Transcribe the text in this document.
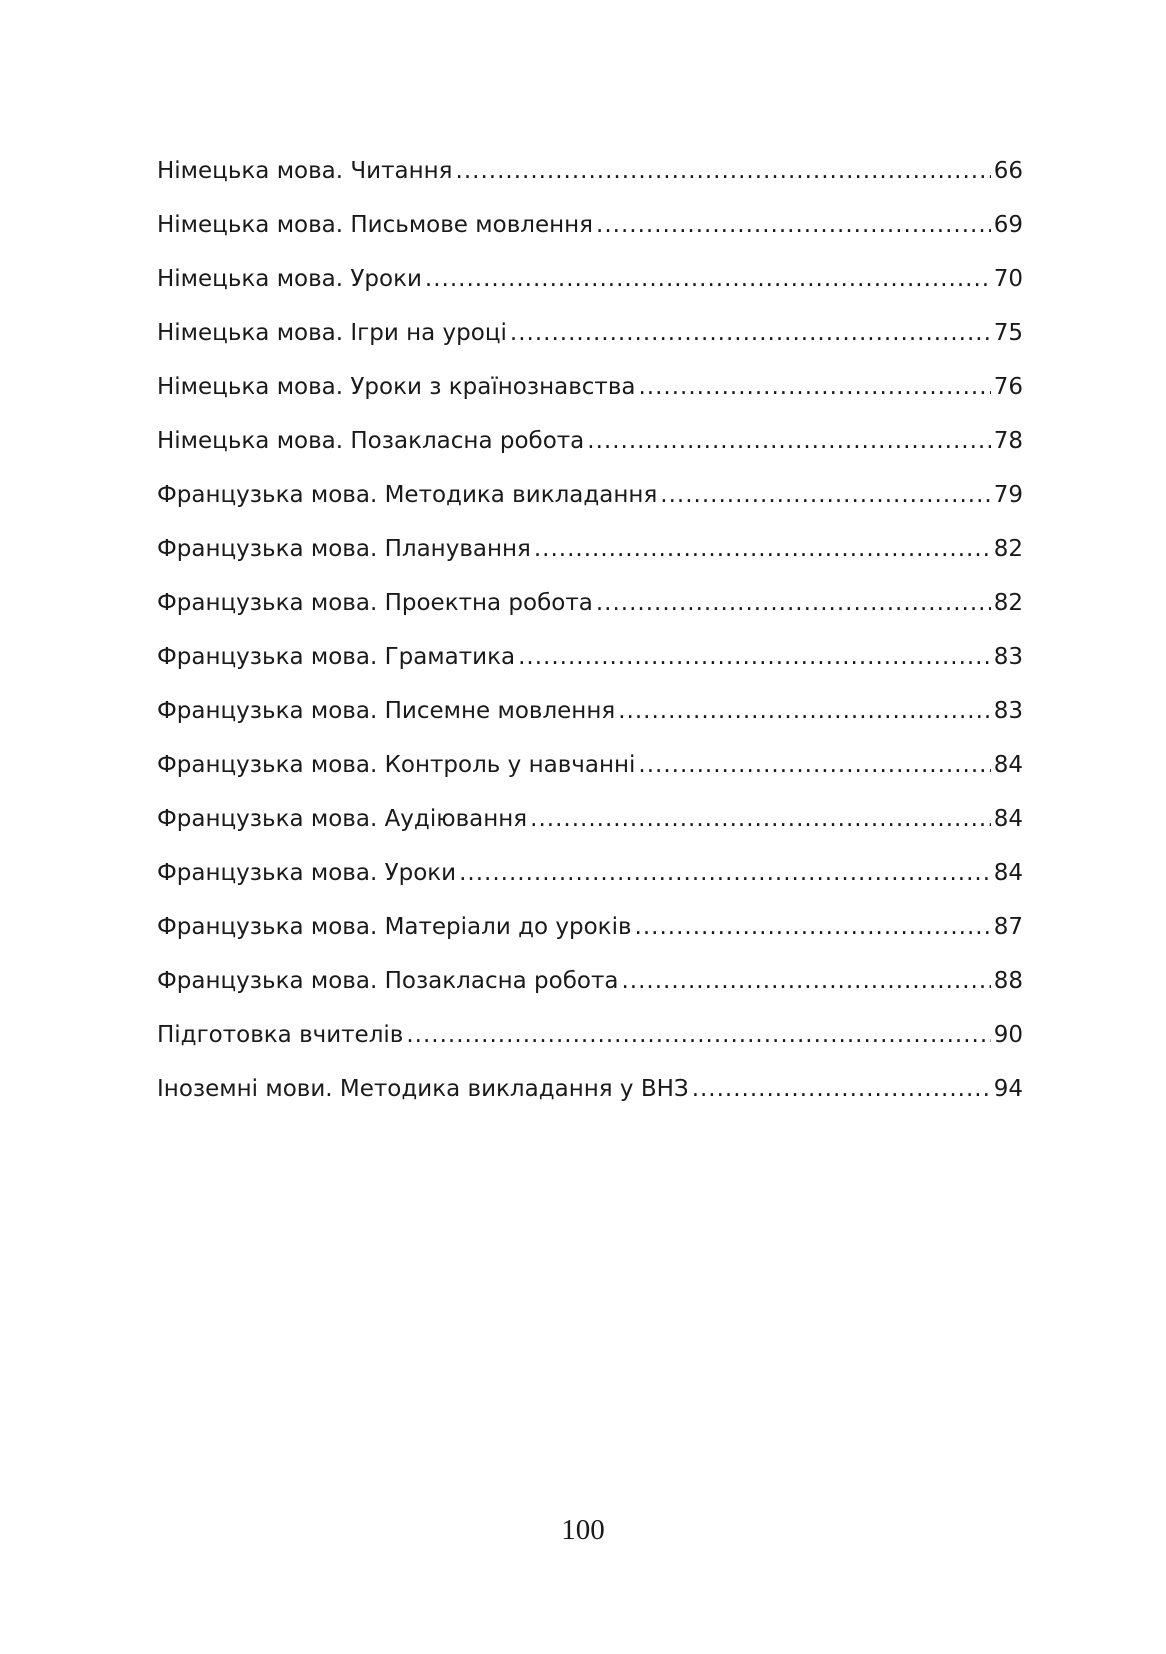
Німецька мова. Читання .....	66
Німецька мова. Письмове мовлення .....	69
Німецька мова. Уроки .....	70
Німецька мова. Ігри на уроці .....	75
Німецька мова. Уроки з країнознавства .....	76
Німецька мова. Позакласна робота .....	78
Французька мова. Методика викладання .....	79
Французька мова. Планування .....	82
Французька мова. Проектна робота .....	82
Французька мова. Граматика .....	83
Французька мова. Писемне мовлення .....	83
Французька мова. Контроль у навчанні .....	84
Французька мова. Аудіювання .....	84
Французька мова. Уроки .....	84
Французька мова. Матеріали до уроків .....	87
Французька мова. Позакласна робота .....	88
Підготовка вчителів .....	90
Іноземні мови. Методика викладання у ВНЗ .....	94
100
